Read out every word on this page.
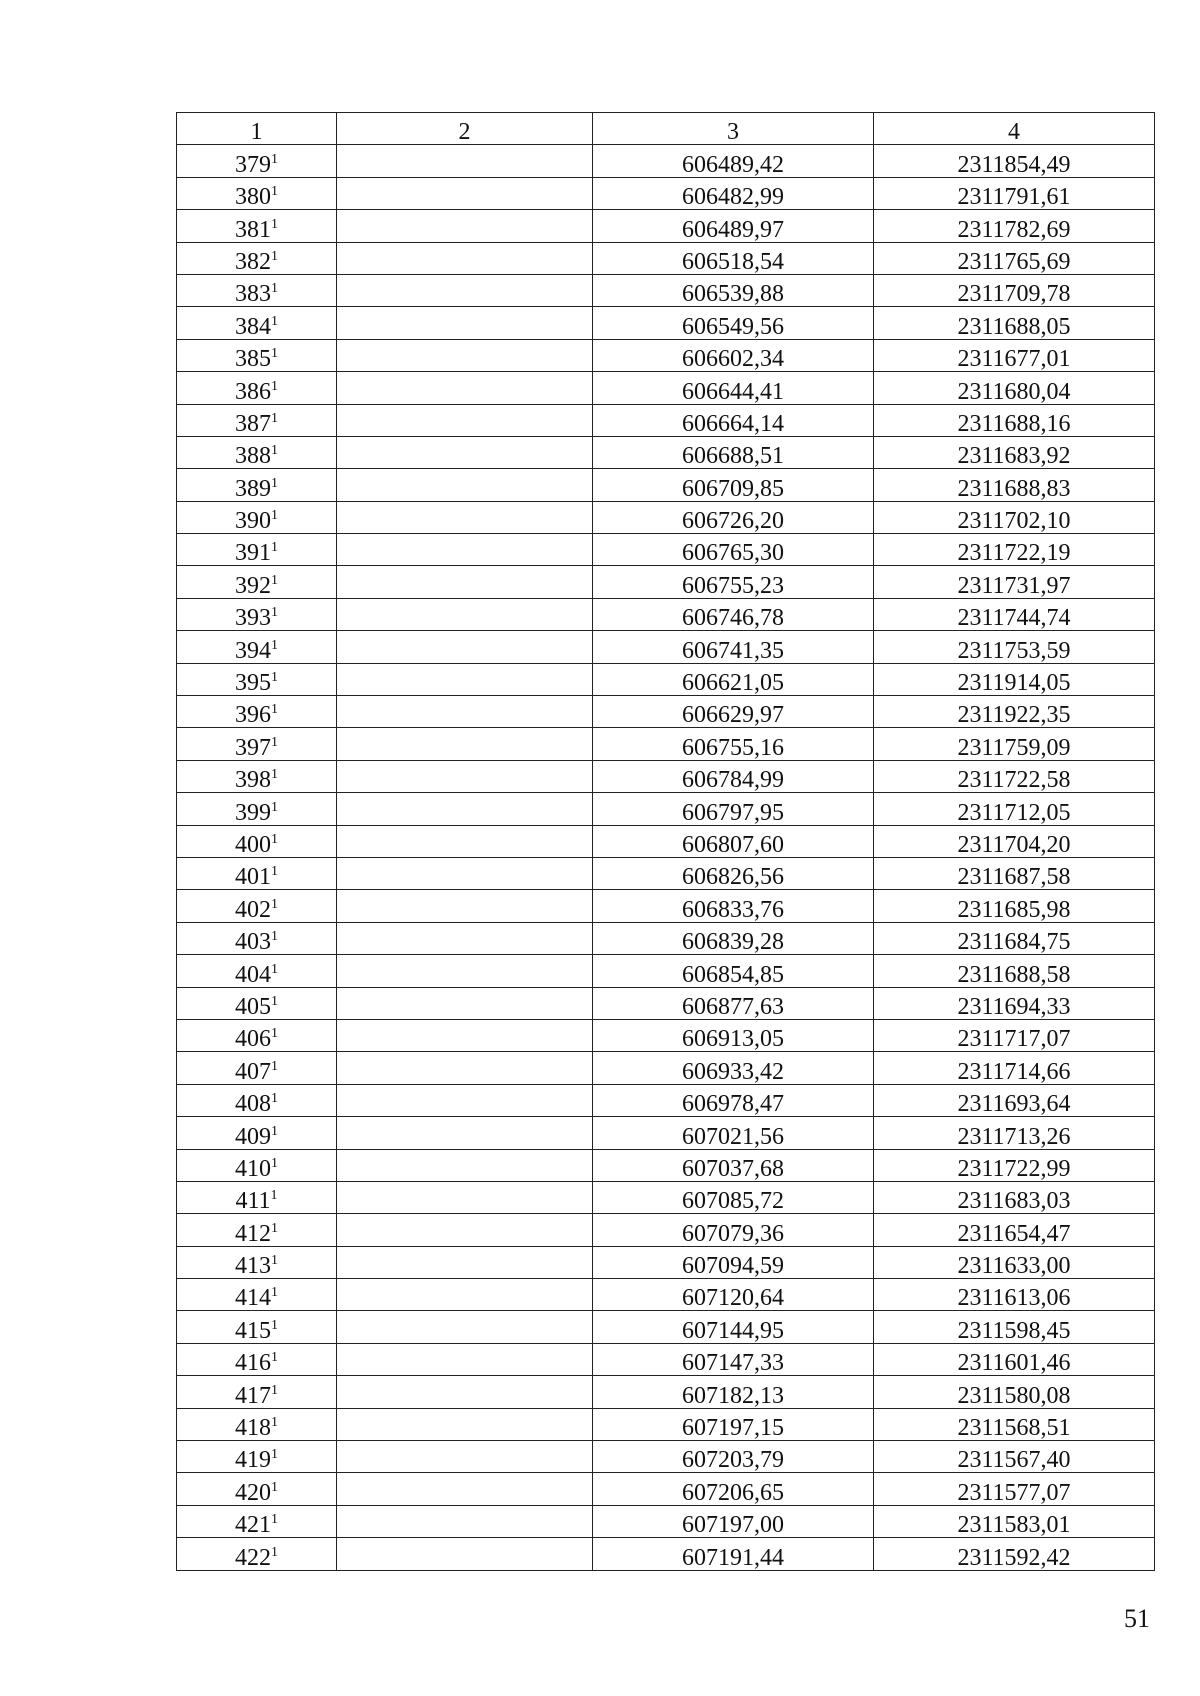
1	2	3	4
$379^1$		606489,42	2311854,49
$380^1$		606482,99	2311791,61
$381^1$		606489,97	2311782,69
$382^1$		606518,54	2311765,69
$383^1$		606539,88	2311709,78
$384^1$		606549,56	2311688,05
$385^1$		606602,34	2311677,01
$386^1$		606644,41	2311680,04
$387^1$		606664,14	2311688,16
$388^1$		606688,51	2311683,92
$389^1$		606709,85	2311688,83
$390^1$		606726,20	2311702,10
$391^1$		606765,30	2311722,19
$392^1$		606755,23	2311731,97
$393^1$		606746,78	2311744,74
$394^1$		606741,35	2311753,59
$395^1$		606621,05	2311914,05
$396^1$		606629,97	2311922,35
$397^1$		606755,16	2311759,09
$398^1$		606784,99	2311722,58
$399^1$		606797,95	2311712,05
$400^1$		606807,60	2311704,20
$401^1$		606826,56	2311687,58
$402^1$		606833,76	2311685,98
$403^1$		606839,28	2311684,75
$404^1$		606854,85	2311688,58
$405^1$		606877,63	2311694,33
$406^1$		606913,05	2311717,07
$407^1$		606933,42	2311714,66
$408^1$		606978,47	2311693,64
$409^1$		607021,56	2311713,26
$410^1$		607037,68	2311722,99
$411^1$		607085,72	2311683,03
$412^1$		607079,36	2311654,47
$413^1$		607094,59	2311633,00
$414^1$		607120,64	2311613,06
$415^1$		607144,95	2311598,45
$416^1$		607147,33	2311601,46
$417^1$		607182,13	2311580,08
$418^1$		607197,15	2311568,51
$419^1$		607203,79	2311567,40
$420^1$		607206,65	2311577,07
$421^1$		607197,00	2311583,01
$422^1$		607191,44	2311592,42
51
